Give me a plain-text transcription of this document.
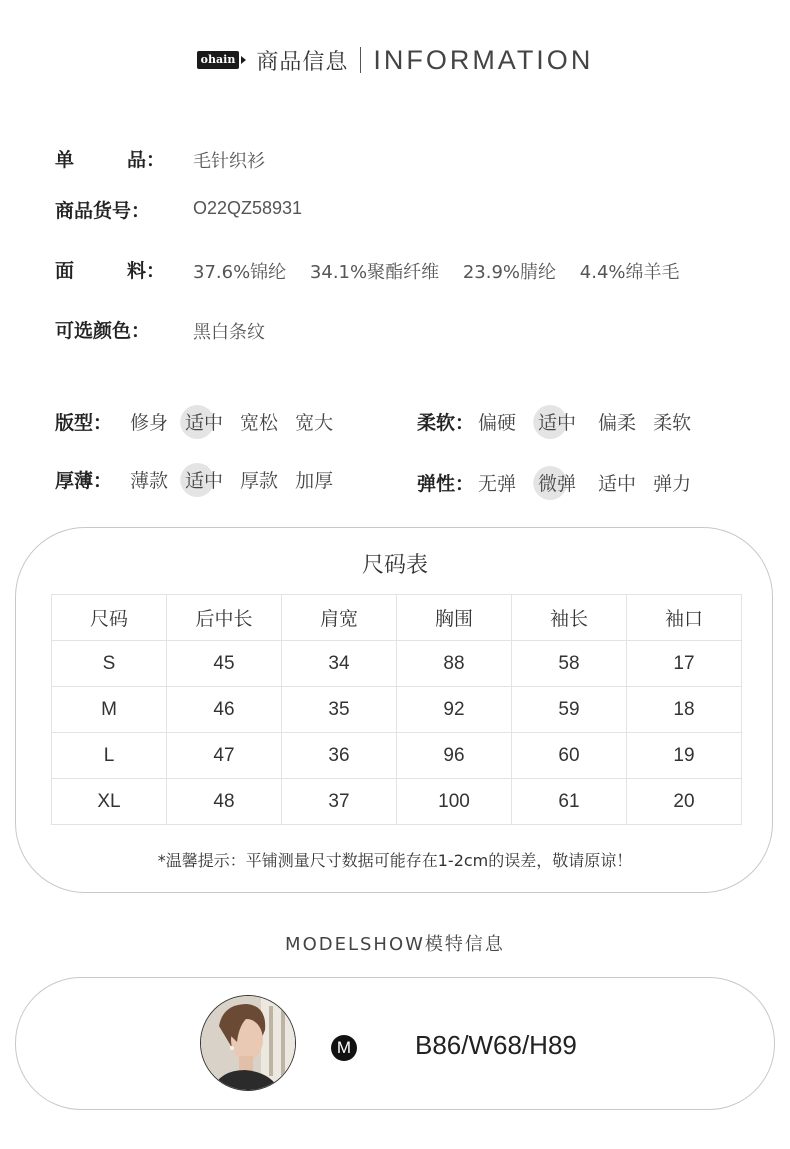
ohain 商品信息 INFORMATION
单	品： 毛针织衫
商品货号： O22QZ58931
面	料： 37.6%锦纶 34.1%聚酯纤维 23.9%腈纶 4.4%绵羊毛
可选颜色： 黑白条纹
版型： 修身 适中 宽松 宽大	柔软： 偏硬 适中 偏柔 柔软
厚薄： 薄款 适中 厚款 加厚	弹性： 无弹 微弹 适中 弹力
尺码表
尺码	后中长	肩宽	胸围	袖长	袖口
S	45	34	88	58	17
M	46	35	92	59	18
L	47	36	96	60	19
XL	48	37	100	61	20
*温馨提示：平铺测量尺寸数据可能存在1-2cm的误差，敬请原谅！
MODELSHOW模特信息
M B86/W68/H89
